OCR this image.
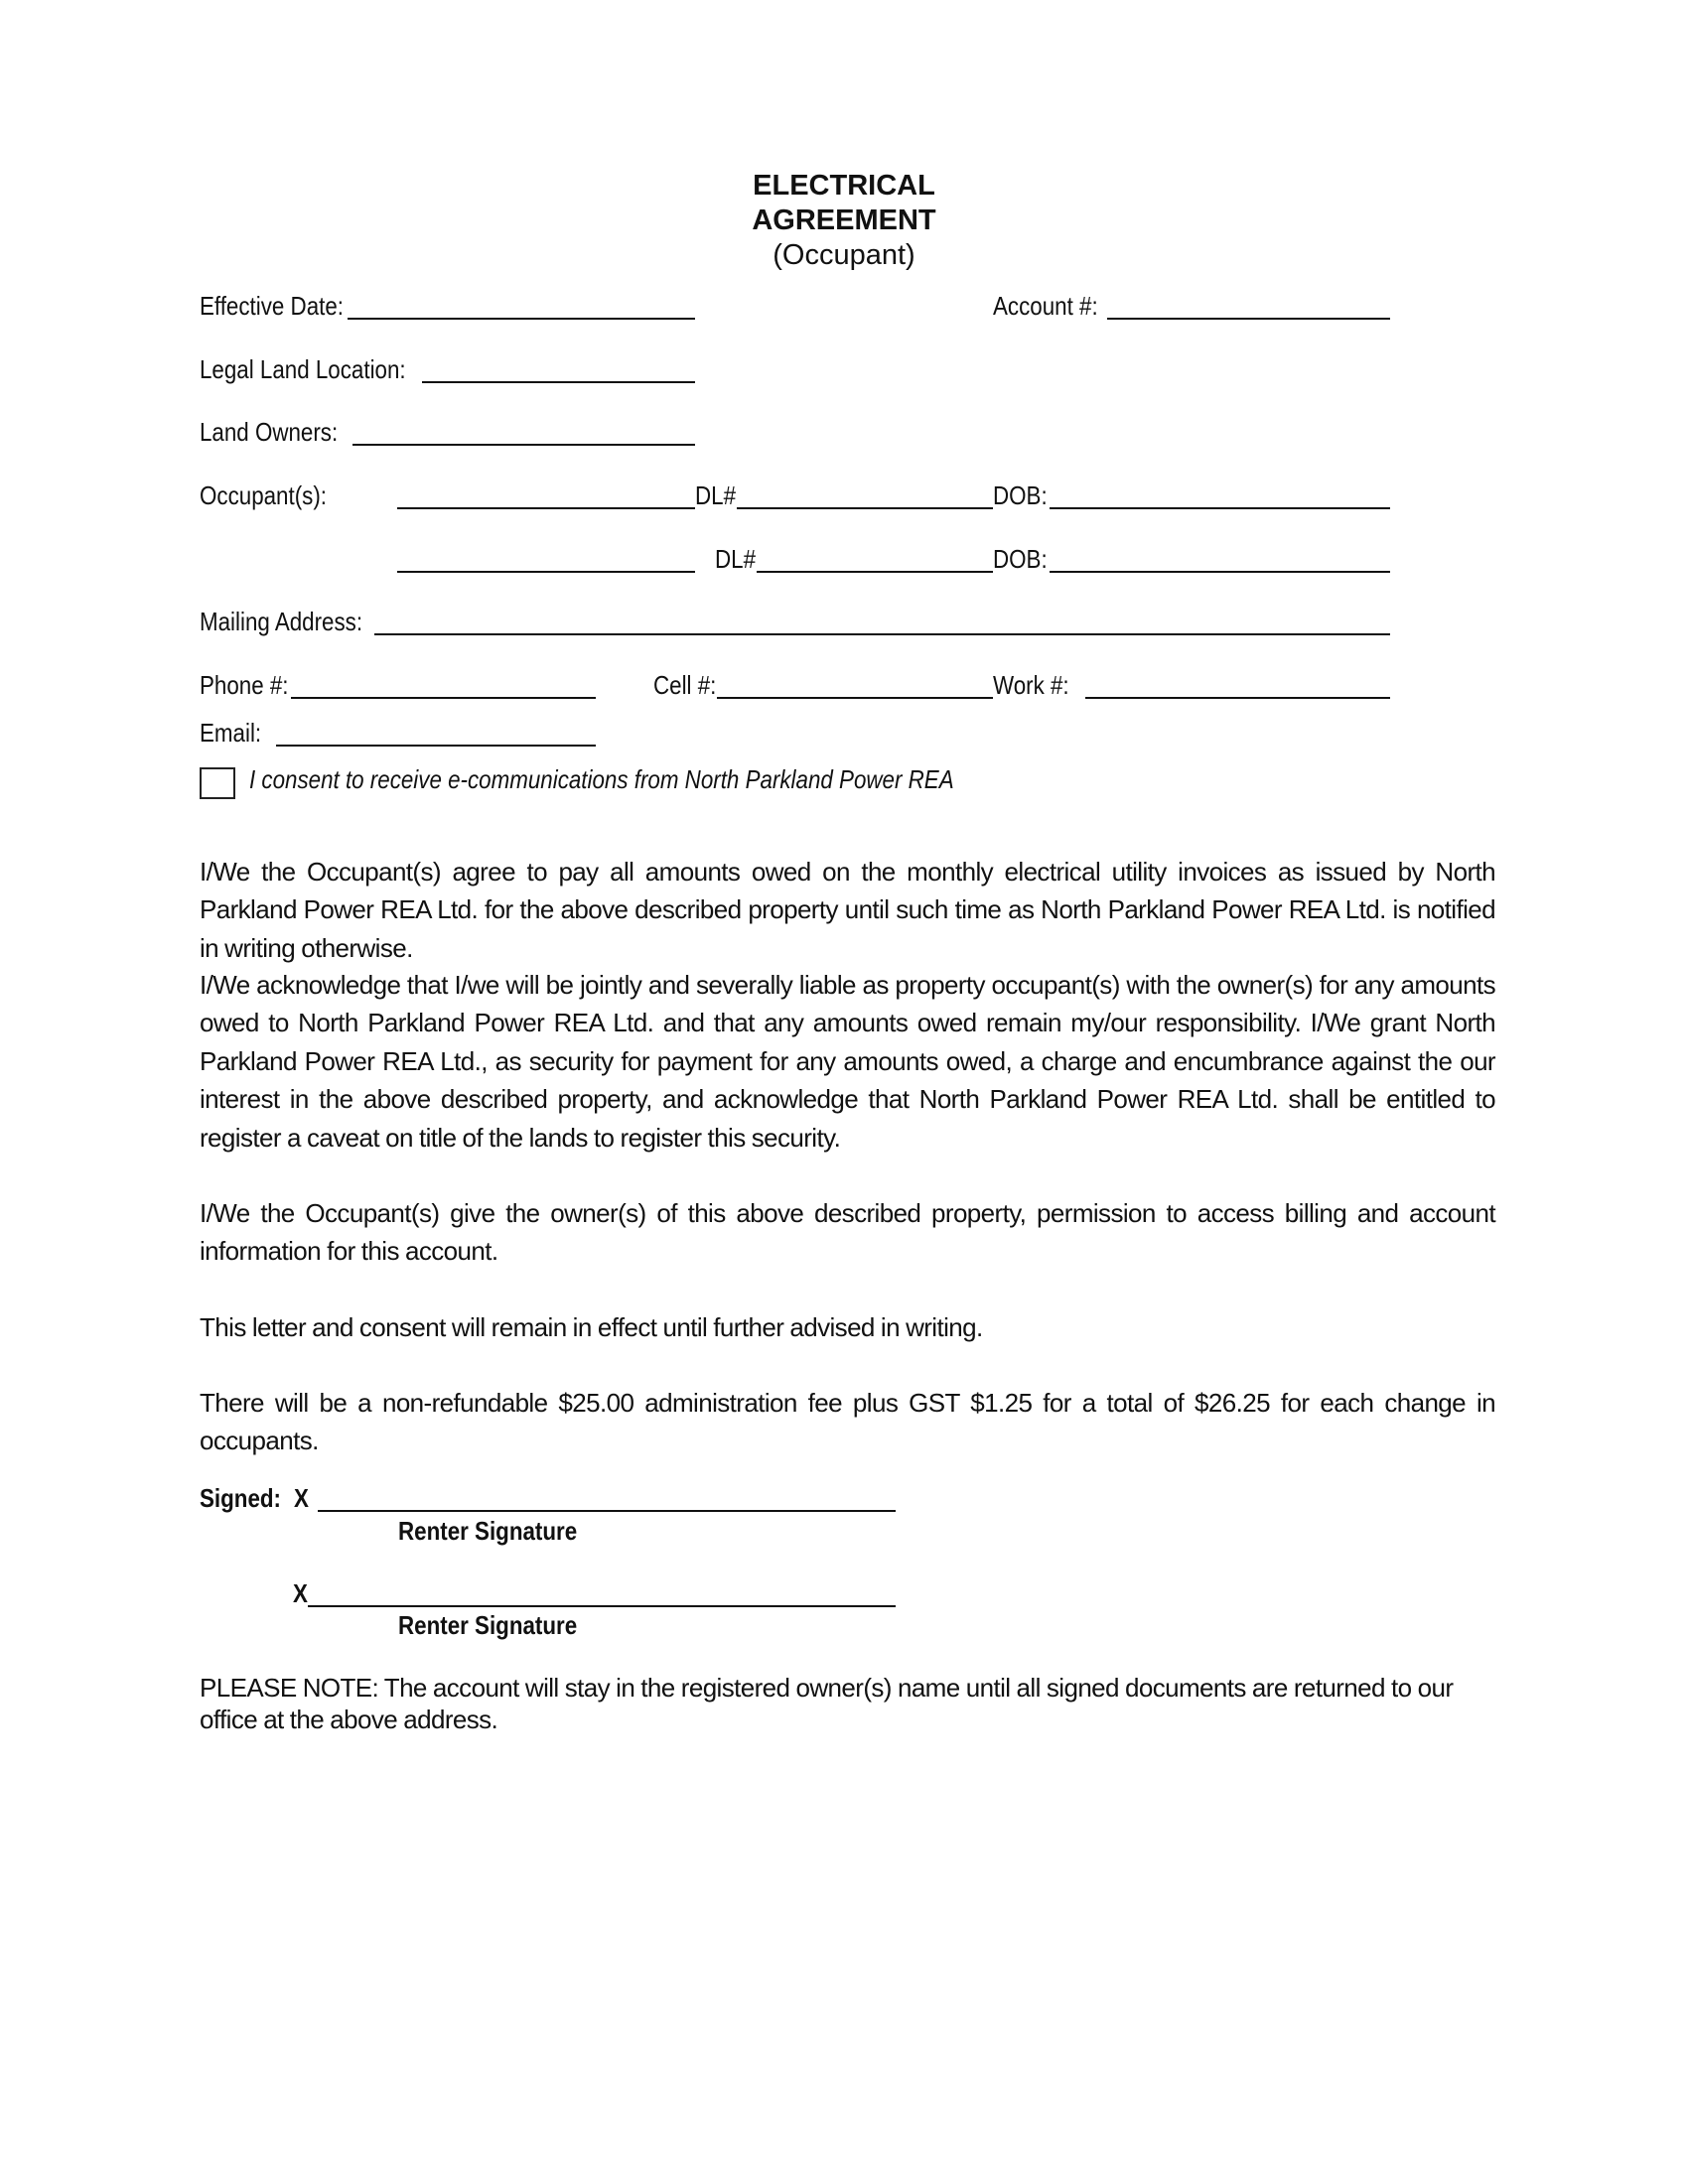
ELECTRICAL
AGREEMENT
(Occupant)
Effective Date:	Account #:
Legal Land Location:
Land Owners:
Occupant(s):	DL#	DOB:
DL#	DOB:
Mailing Address:
Phone #:	Cell #:	Work #:
Email:
I consent to receive e-communications from North Parkland Power REA
I/We the Occupant(s) agree to pay all amounts owed on the monthly electrical utility invoices as issued by North Parkland Power REA Ltd. for the above described property until such time as North Parkland Power REA Ltd. is notified in writing otherwise.
I/We acknowledge that I/we will be jointly and severally liable as property occupant(s) with the owner(s) for any amounts owed to North Parkland Power REA Ltd. and that any amounts owed remain my/our responsibility. I/We grant North Parkland Power REA Ltd., as security for payment for any amounts owed, a charge and encumbrance against the our interest in the above described property, and acknowledge that North Parkland Power REA Ltd. shall be entitled to register a caveat on title of the lands to register this security.
I/We the Occupant(s) give the owner(s) of this above described property, permission to access billing and account information for this account.
This letter and consent will remain in effect until further advised in writing.
There will be a non-refundable $25.00 administration fee plus GST $1.25 for a total of $26.25 for each change in occupants.
Signed: X
Renter Signature
X
Renter Signature
PLEASE NOTE: The account will stay in the registered owner(s) name until all signed documents are returned to our office at the above address.
